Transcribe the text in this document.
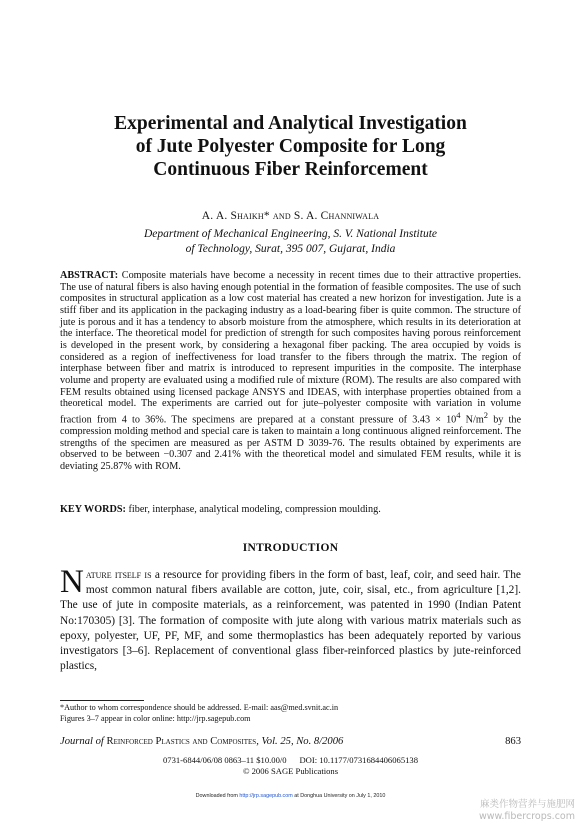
Experimental and Analytical Investigation
of Jute Polyester Composite for Long
Continuous Fiber Reinforcement
A. A. Shaikh* and S. A. Channiwala
Department of Mechanical Engineering, S. V. National Institute
of Technology, Surat, 395 007, Gujarat, India

ABSTRACT: Composite materials have become a necessity in recent times due to their attractive properties. The use of natural fibers is also having enough potential in the formation of feasible composites. The use of such composites in structural application as a low cost material has created a new horizon for investigation. Jute is a stiff fiber and its application in the packaging industry as a load-bearing fiber is quite common. The structure of jute is porous and it has a tendency to absorb moisture from the atmosphere, which results in its deterioration at the interface. The theoretical model for prediction of strength for such composites having porous reinforcement is developed in the present work, by considering a hexagonal fiber packing. The area occupied by voids is considered as a region of ineffectiveness for load transfer to the fibers through the matrix. The region of interphase between fiber and matrix is introduced to represent impurities in the composite. The interphase volume and property are evaluated using a modified rule of mixture (ROM). The results are also compared with FEM results obtained using licensed package ANSYS and IDEAS, with interphase properties obtained from a theoretical model. The experiments are carried out for jute–polyester composite with variation in volume fraction from 4 to 36%. The specimens are prepared at a constant pressure of $3.43 \times 10^4$ $N/m^2$ by the compression molding method and special care is taken to maintain a long continuous aligned reinforcement. The strengths of the specimen are measured as per ASTM D 3039-76. The results obtained by experiments are observed to be between −0.307 and 2.41% with the theoretical model and simulated FEM results, while it is deviating 25.87% with ROM.

KEY WORDS: fiber, interphase, analytical modeling, compression moulding.

INTRODUCTION

Nature itself is a resource for providing fibers in the form of bast, leaf, coir, and seed hair. The most common natural fibers available are cotton, jute, coir, sisal, etc., from agriculture [1,2]. The use of jute in composite materials, as a reinforcement, was patented in 1990 (Indian Patent No:170305) [3]. The formation of composite with jute along with various matrix materials such as epoxy, polyester, UF, PF, MF, and some thermoplastics has been adequately reported by various investigators [3–6]. Replacement of conventional glass fiber-reinforced plastics by jute-reinforced plastics,

*Author to whom correspondence should be addressed. E-mail: aas@med.svnit.ac.in
Figures 3–7 appear in color online: http://jrp.sagepub.com
Journal of Reinforced Plastics and Composites, Vol. 25, No. 8/2006	863
0731-6844/06/08 0863–11 $10.00/0      DOI: 10.1177/0731684406065138
© 2006 SAGE Publications
Downloaded from http://jrp.sagepub.com at Donghua University on July 1, 2010
麻类作物营养与施肥网
www.fibercrops.com
